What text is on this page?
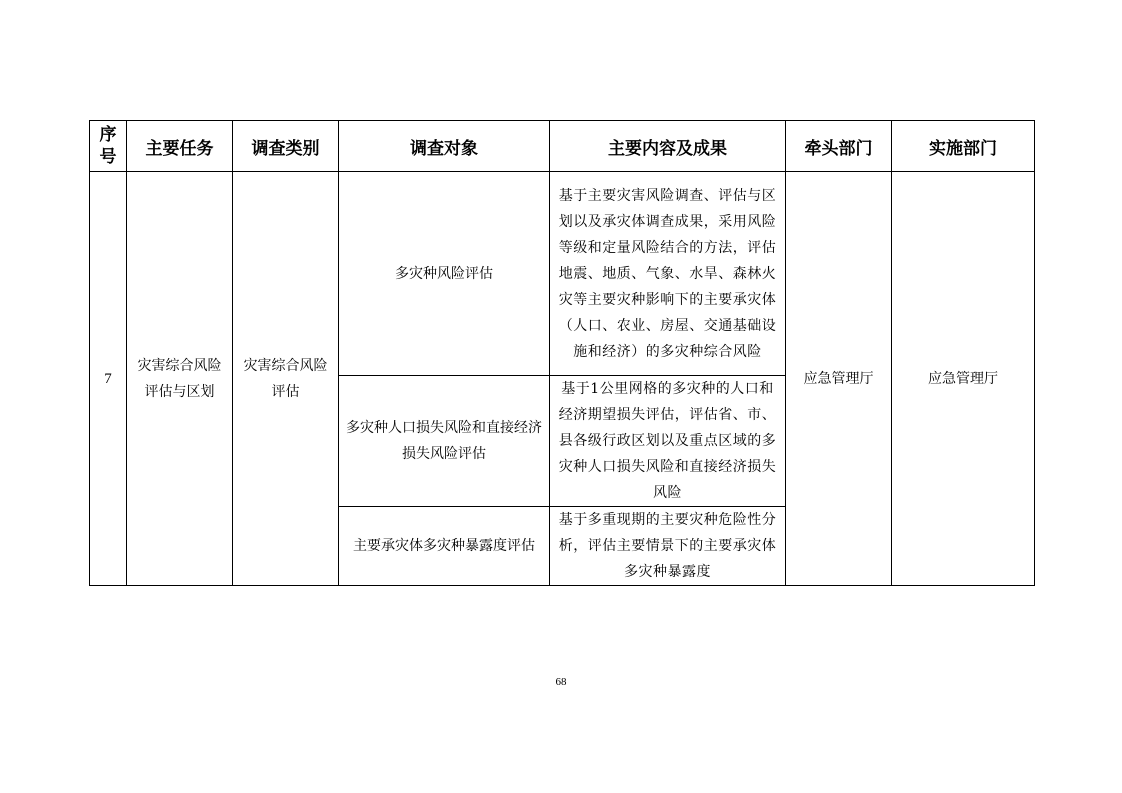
序号	主要任务	调查类别	调查对象	主要内容及成果	牵头部门	实施部门
7	灾害综合风险评估与区划	灾害综合风险评估	多灾种风险评估	基于主要灾害风险调查、评估与区划以及承灾体调查成果，采用风险等级和定量风险结合的方法，评估地震、地质、气象、水旱、森林火灾等主要灾种影响下的主要承灾体（人口、农业、房屋、交通基础设施和经济）的多灾种综合风险	应急管理厅	应急管理厅
			多灾种人口损失风险和直接经济损失风险评估	基于1公里网格的多灾种的人口和经济期望损失评估，评估省、市、县各级行政区划以及重点区域的多灾种人口损失风险和直接经济损失风险		
			主要承灾体多灾种暴露度评估	基于多重现期的主要灾种危险性分析，评估主要情景下的主要承灾体多灾种暴露度		
68
